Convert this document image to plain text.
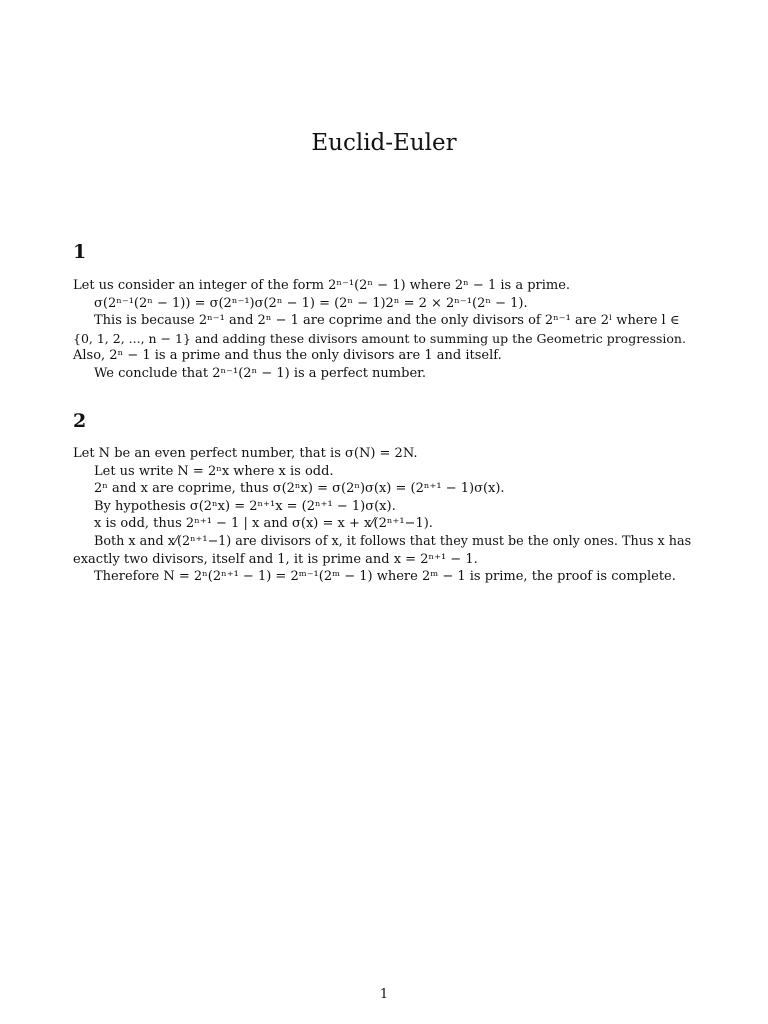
Euclid-Euler
1
Let us consider an integer of the form 2ⁿ⁻¹(2ⁿ − 1) where 2ⁿ − 1 is a prime.
σ(2ⁿ⁻¹(2ⁿ − 1)) = σ(2ⁿ⁻¹)σ(2ⁿ − 1) = (2ⁿ − 1)2ⁿ = 2 × 2ⁿ⁻¹(2ⁿ − 1).
This is because 2ⁿ⁻¹ and 2ⁿ − 1 are coprime and the only divisors of 2ⁿ⁻¹ are 2ˡ where l ∈
{0, 1, 2, ..., n − 1} and adding these divisors amount to summing up the Geometric progression.
Also, 2ⁿ − 1 is a prime and thus the only divisors are 1 and itself.
We conclude that 2ⁿ⁻¹(2ⁿ − 1) is a perfect number.
2
Let N be an even perfect number, that is σ(N) = 2N.
Let us write N = 2ⁿx where x is odd.
2ⁿ and x are coprime, thus σ(2ⁿx) = σ(2ⁿ)σ(x) = (2ⁿ⁺¹ − 1)σ(x).
By hypothesis σ(2ⁿx) = 2ⁿ⁺¹x = (2ⁿ⁺¹ − 1)σ(x).
x is odd, thus 2ⁿ⁺¹ − 1 | x and σ(x) = x + x⁄(2ⁿ⁺¹−1).
Both x and x⁄(2ⁿ⁺¹−1) are divisors of x, it follows that they must be the only ones. Thus x has
exactly two divisors, itself and 1, it is prime and x = 2ⁿ⁺¹ − 1.
Therefore N = 2ⁿ(2ⁿ⁺¹ − 1) = 2ᵐ⁻¹(2ᵐ − 1) where 2ᵐ − 1 is prime, the proof is complete.
1
